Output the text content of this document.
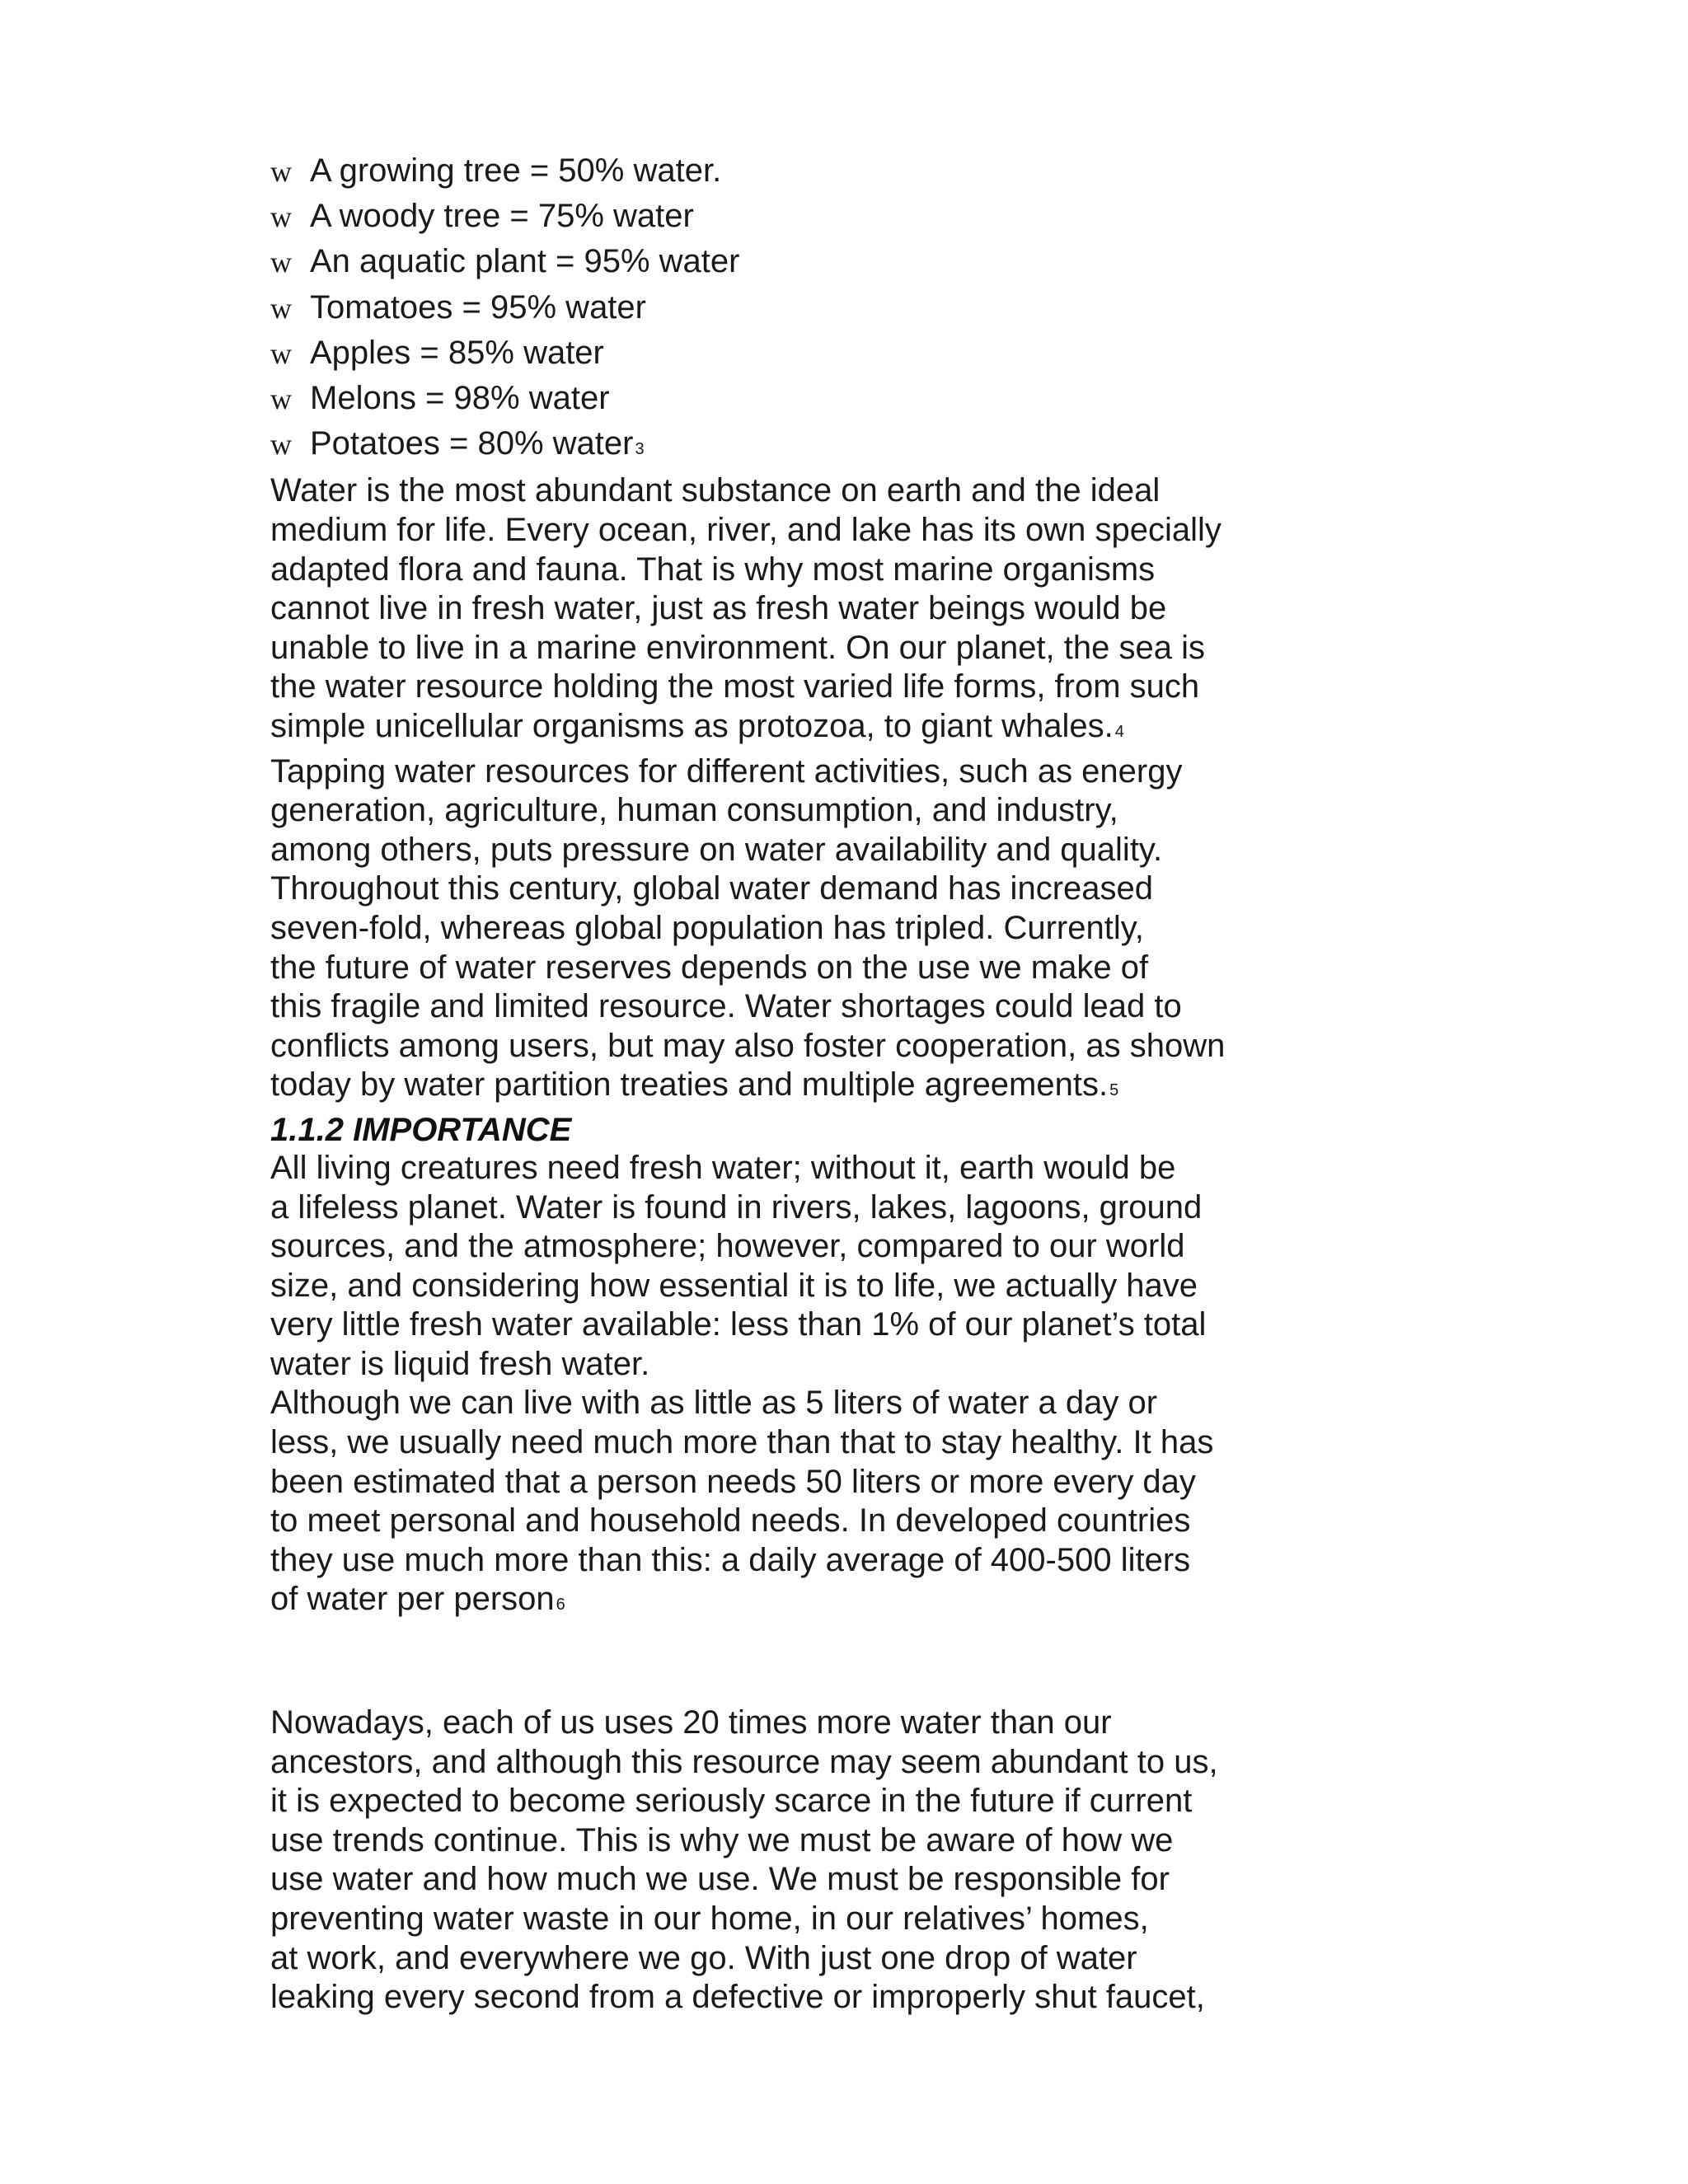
w A growing tree = 50% water.
w A woody tree = 75% water
w An aquatic plant = 95% water
w Tomatoes = 95% water
w Apples = 85% water
w Melons = 98% water
w Potatoes = 80% water 3

Water is the most abundant substance on earth and the ideal
medium for life. Every ocean, river, and lake has its own specially
adapted flora and fauna. That is why most marine organisms
cannot live in fresh water, just as fresh water beings would be
unable to live in a marine environment. On our planet, the sea is
the water resource holding the most varied life forms, from such
simple unicellular organisms as protozoa, to giant whales. 4

Tapping water resources for different activities, such as energy
generation, agriculture, human consumption, and industry,
among others, puts pressure on water availability and quality.
Throughout this century, global water demand has increased
seven-fold, whereas global population has tripled. Currently,
the future of water reserves depends on the use we make of
this fragile and limited resource. Water shortages could lead to
conflicts among users, but may also foster cooperation, as shown
today by water partition treaties and multiple agreements. 5

1.1.2 IMPORTANCE

All living creatures need fresh water; without it, earth would be
a lifeless planet. Water is found in rivers, lakes, lagoons, ground
sources, and the atmosphere; however, compared to our world
size, and considering how essential it is to life, we actually have
very little fresh water available: less than 1% of our planet’s total
water is liquid fresh water.

Although we can live with as little as 5 liters of water a day or
less, we usually need much more than that to stay healthy. It has
been estimated that a person needs 50 liters or more every day
to meet personal and household needs. In developed countries
they use much more than this: a daily average of 400-500 liters
of water per person 6

Nowadays, each of us uses 20 times more water than our
ancestors, and although this resource may seem abundant to us,
it is expected to become seriously scarce in the future if current
use trends continue. This is why we must be aware of how we
use water and how much we use. We must be responsible for
preventing water waste in our home, in our relatives’ homes,
at work, and everywhere we go. With just one drop of water
leaking every second from a defective or improperly shut faucet,
